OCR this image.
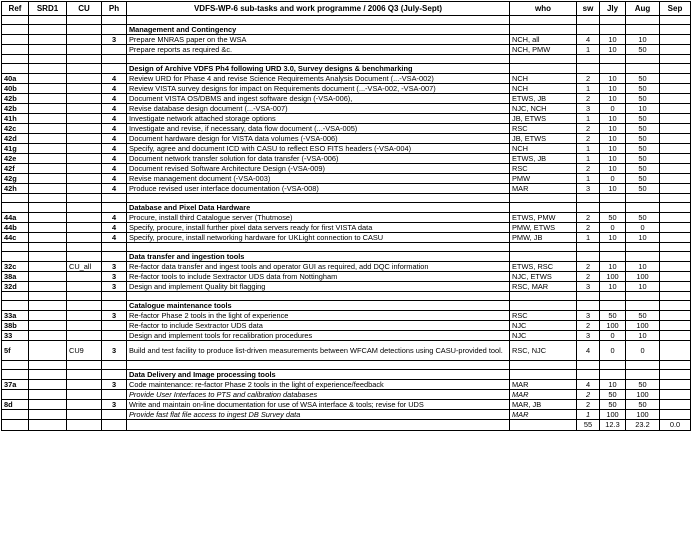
Ref	SRD1	CU	Ph	VDFS-WP-6 sub-tasks and work programme / 2006 Q3 (July-Sept)	who	sw	Jly	Aug	Sep

				Management and Contingency					
			3	Prepare MNRAS paper on the WSA	NCH, all	4	10	10	
				Prepare reports as required &c.	NCH, PMW	1	10	50	

				Design of Archive VDFS Ph4 following URD 3.0, Survey designs & benchmarking					
40a			4	Review URD for Phase 4 and revise Science Requirements Analysis Document (...-VSA-002)	NCH	2	10	50	
40b			4	Review VISTA survey designs for impact on Requirements document (...-VSA-002, -VSA-007)	NCH	1	10	50	
42b			4	Document VISTA OS/DBMS and ingest software design (-VSA-006),	ETWS, JB	2	10	50	
42b			4	Revise database design document (...-VSA-007)	NJC, NCH	3	0	10	
41h			4	Investigate network attached storage options	JB, ETWS	1	10	50	
42c			4	Investigate and revise, if necessary, data flow document (...-VSA-005)	RSC	2	10	50	
42d			4	Document hardware design for VISTA data volumes (-VSA-006)	JB, ETWS	2	10	50	
41g			4	Specify, agree and document ICD with CASU to reflect ESO FITS headers (-VSA-004)	NCH	1	10	50	
42e			4	Document network transfer solution for data transfer (-VSA-006)	ETWS, JB	1	10	50	
42f			4	Document revised Software Architecture Design (-VSA-009)	RSC	2	10	50	
42g			4	Revise management document (-VSA-003)	PMW	1	0	50	
42h			4	Produce revised user interface documentation (-VSA-008)	MAR	3	10	50	

				Database and Pixel Data Hardware					
44a			4	Procure, install third Catalogue server (Thutmose)	ETWS, PMW	2	50	50	
44b			4	Specify, procure, install further pixel data servers ready for first VISTA data	PMW, ETWS	2	0	0	
44c			4	Specify, procure, install networking hardware for UKLight connection to CASU	PMW, JB	1	10	10	

				Data transfer and ingestion tools					
32c		CU_all	3	Re-factor data transfer and ingest tools and operator GUI as required, add DQC information	ETWS, RSC	2	10	10	
38a			3	Re-factor tools to include Sextractor UDS data from Nottingham	NJC, ETWS	2	100	100	
32d			3	Design and implement Quality bit flagging	RSC, MAR	3	10	10	

				Catalogue maintenance tools					
33a			3	Re-factor Phase 2 tools in the light of experience	RSC	3	50	50	
38b				Re-factor to include Sextractor UDS data	NJC	2	100	100	
33				Design and implement tools for recalibration procedures	NJC	3	0	10	
5f		CU9	3	Build and test facility to produce list-driven measurements between WFCAM detections using CASU-provided tool.	RSC, NJC	4	0	0	

				Data Delivery and Image processing tools					
37a			3	Code maintenance: re-factor Phase 2 tools in the light of experience/feedback	MAR	4	10	50	
				Provide User Interfaces to PTS and calibration databases	MAR	2	50	100	
8d			3	Write and maintain on-line documentation for use of WSA interface & tools; revise for UDS	MAR, JB	2	50	50	
				Provide fast flat file access to ingest DB Survey data	MAR	1	100	100	
						55	12.3	23.2	0.0
